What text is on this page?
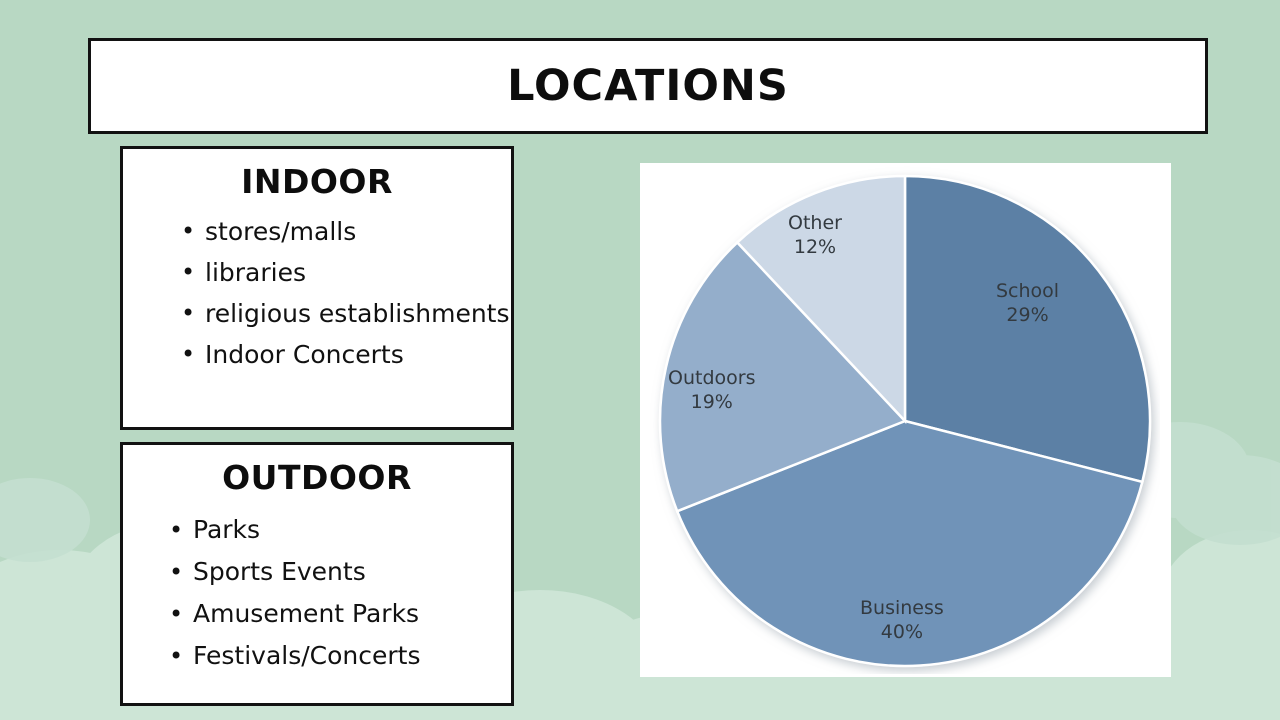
LOCATIONS
INDOOR
• stores/malls
• libraries
• religious establishments
• Indoor Concerts
OUTDOOR
• Parks
• Sports Events
• Amusement Parks
• Festivals/Concerts
School
29%
Business
40%
Outdoors
19%
Other
12%
